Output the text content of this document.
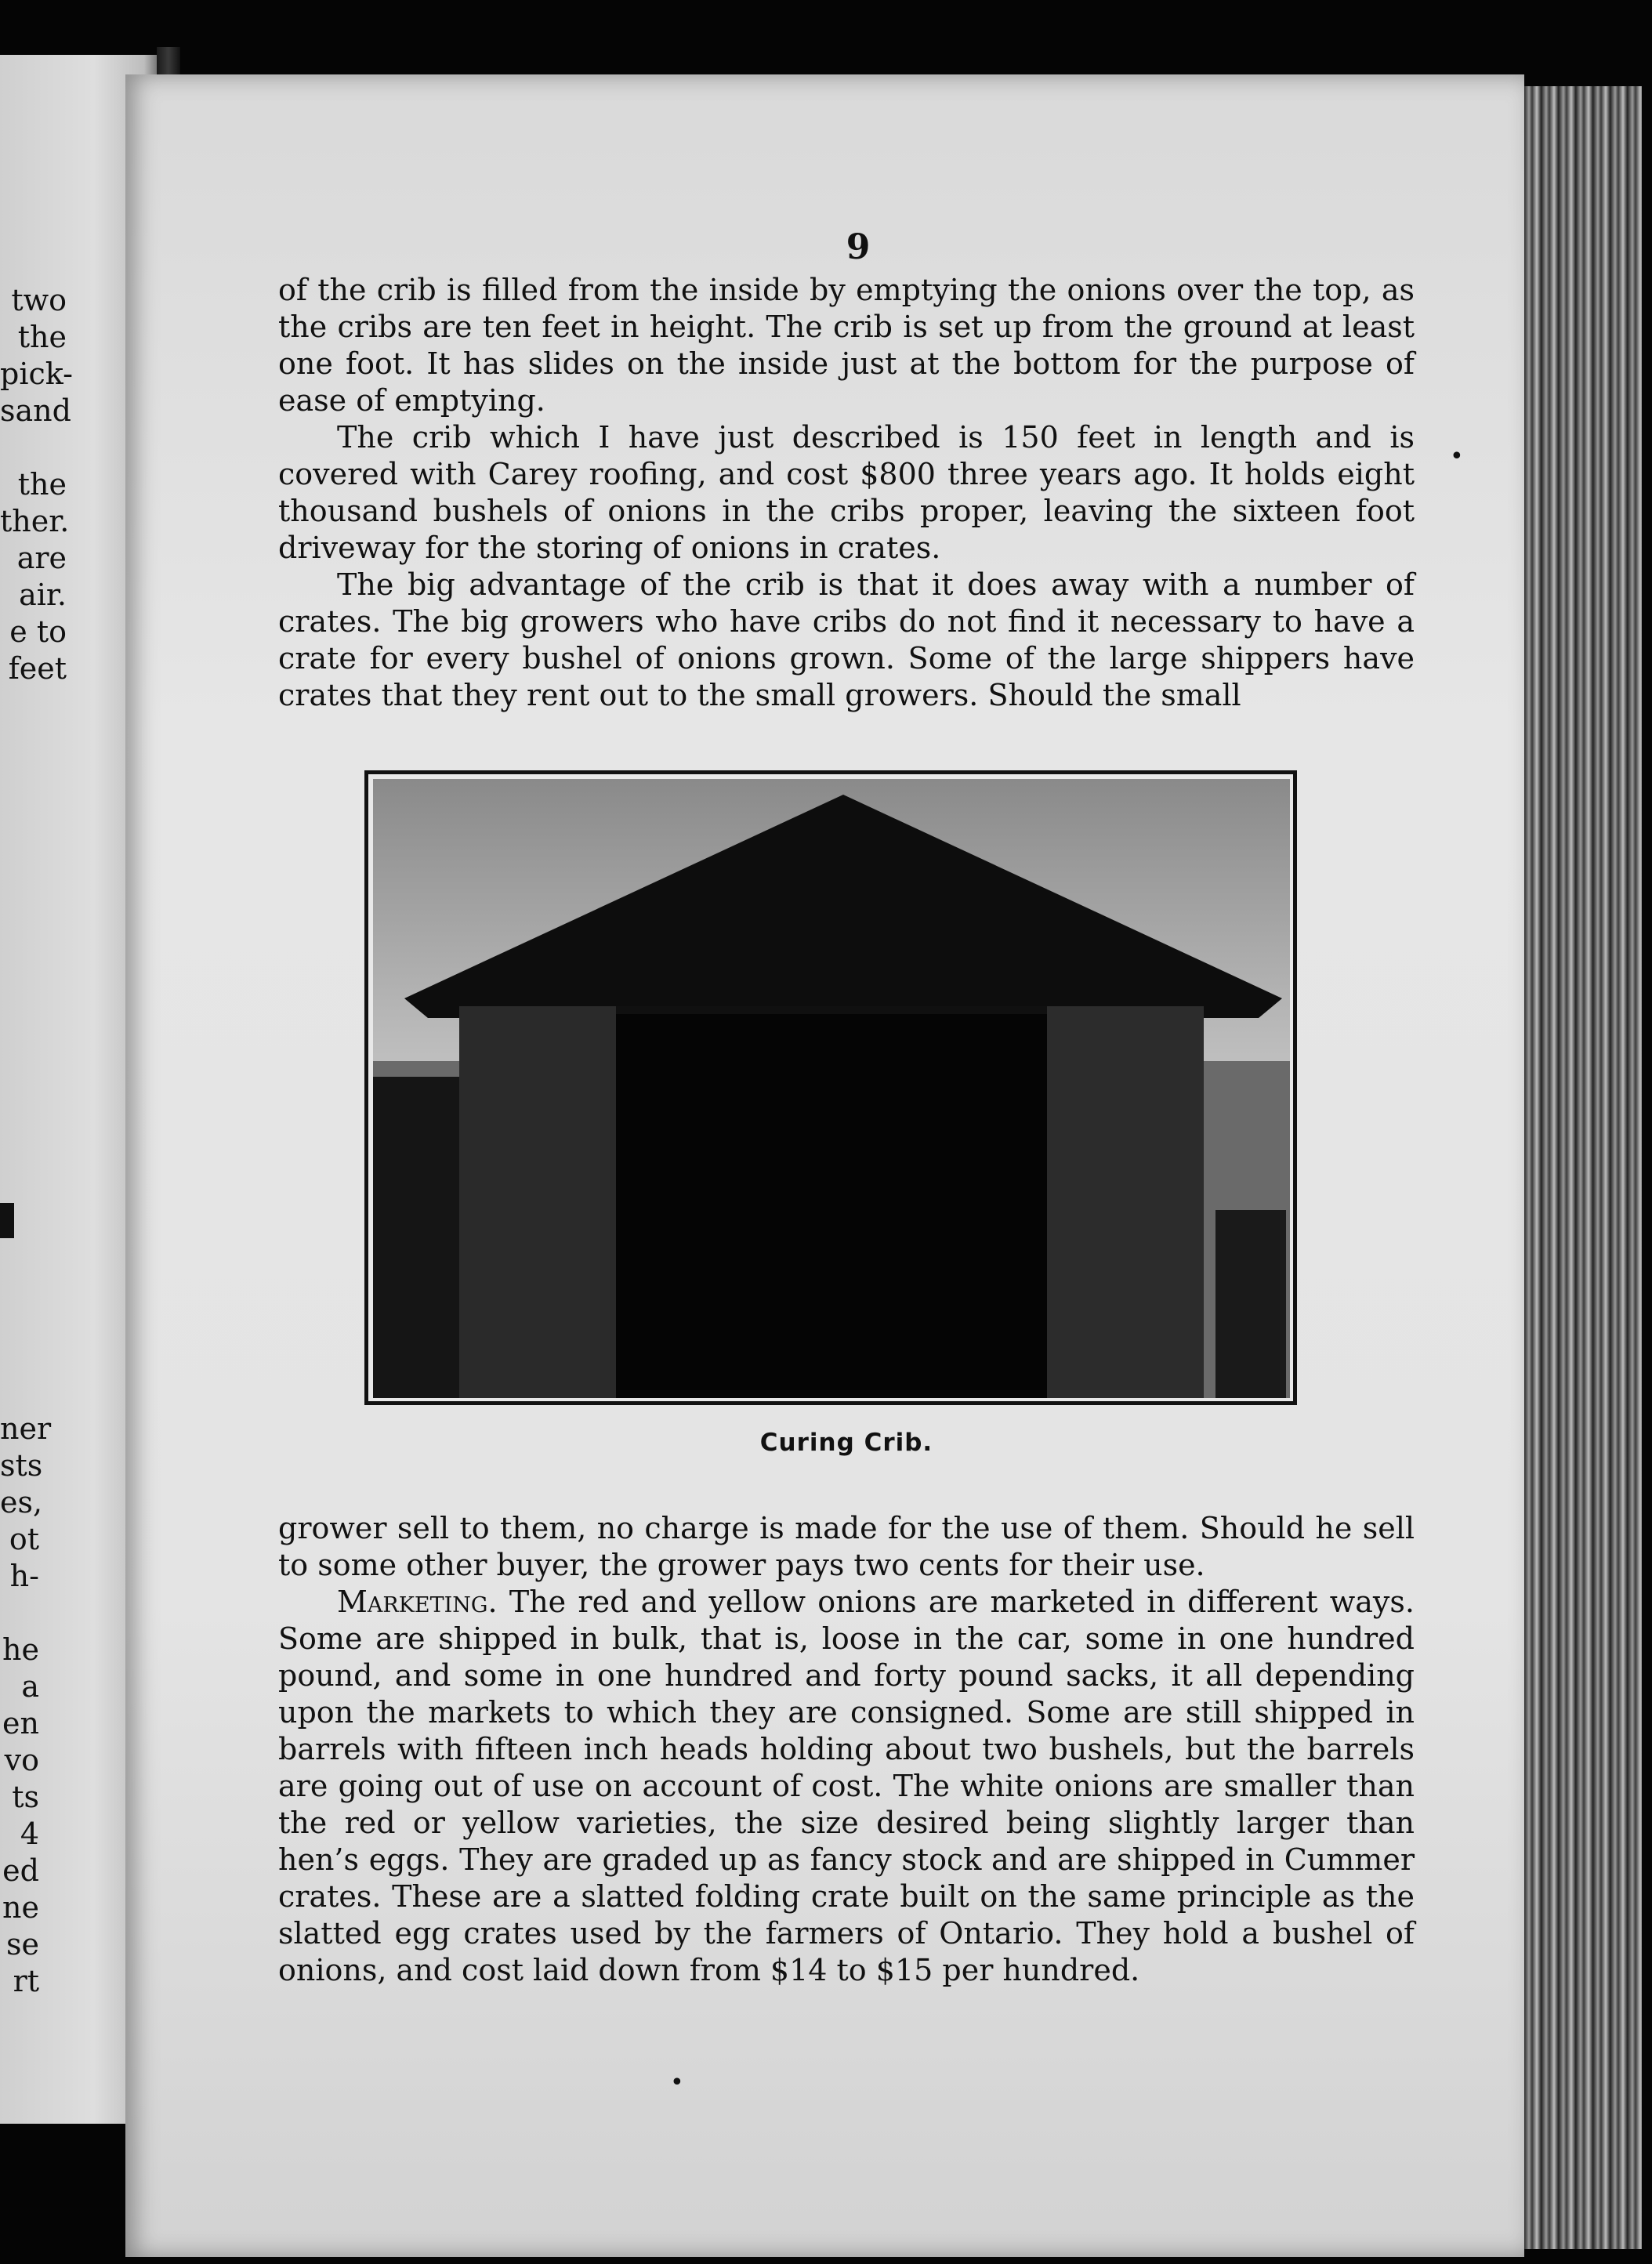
two
the
pick-
sand
the
ther.
are
air.
e to
feet
ner
sts
es,
ot
h-
he
a
en
vo
ts
4
ed
ne
se
rt
9

of the crib is filled from the inside by emptying the onions over the top, as the cribs are ten feet in height. The crib is set up from the ground at least one foot. It has slides on the inside just at the bottom for the purpose of ease of emptying.

The crib which I have just described is 150 feet in length and is covered with Carey roofing, and cost $800 three years ago. It holds eight thousand bushels of onions in the cribs proper, leaving the sixteen foot driveway for the storing of onions in crates.

The big advantage of the crib is that it does away with a number of crates. The big growers who have cribs do not find it necessary to have a crate for every bushel of onions grown. Some of the large shippers have crates that they rent out to the small growers. Should the small

Curing Crib.

grower sell to them, no charge is made for the use of them. Should he sell to some other buyer, the grower pays two cents for their use.

Marketing. The red and yellow onions are marketed in different ways. Some are shipped in bulk, that is, loose in the car, some in one hundred pound, and some in one hundred and forty pound sacks, it all depending upon the markets to which they are consigned. Some are still shipped in barrels with fifteen inch heads holding about two bushels, but the barrels are going out of use on account of cost. The white onions are smaller than the red or yellow varieties, the size desired being slightly larger than hen’s eggs. They are graded up as fancy stock and are shipped in Cummer crates. These are a slatted folding crate built on the same principle as the slatted egg crates used by the farmers of Ontario. They hold a bushel of onions, and cost laid down from $14 to $15 per hundred.

•
•
